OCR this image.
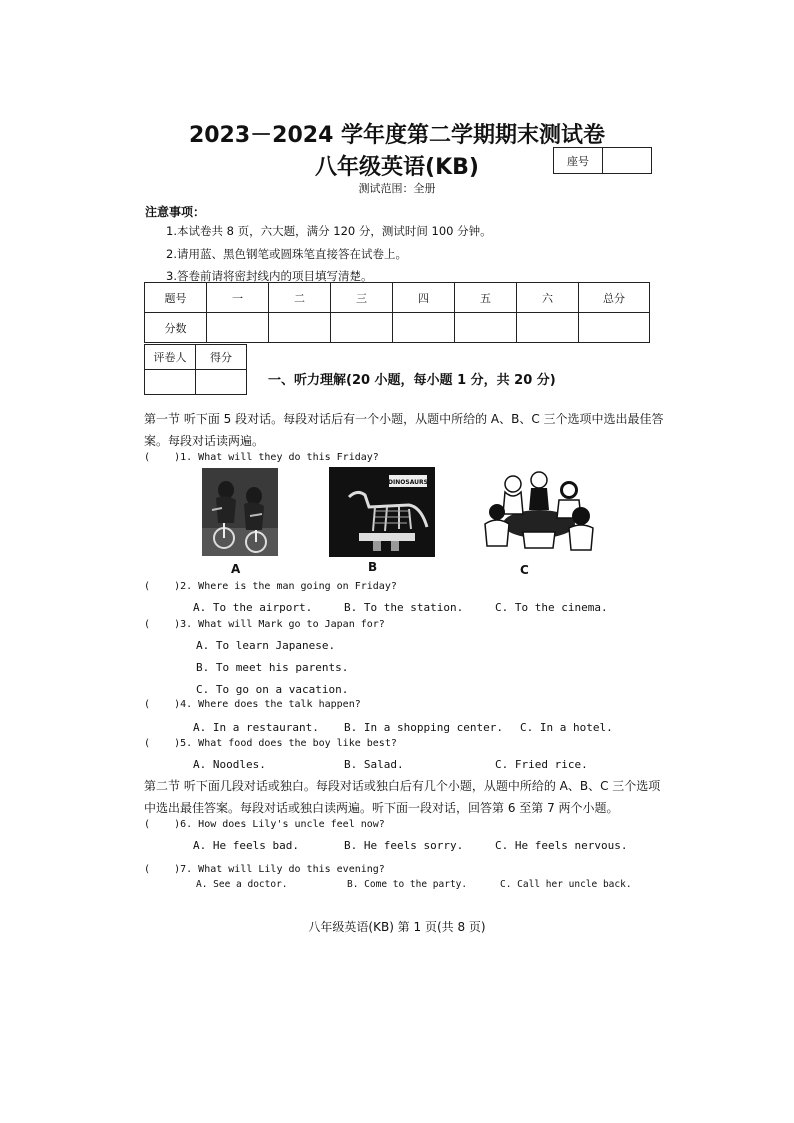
2023－2024 学年度第二学期期末测试卷
八年级英语(KB)
测试范围：全册
座号
注意事项：
1.本试卷共 8 页，六大题，满分 120 分，测试时间 100 分钟。
2.请用蓝、黑色钢笔或圆珠笔直接答在试卷上。
3.答卷前请将密封线内的项目填写清楚。
题号	一	二	三	四	五	六	总分
分数							
评卷人	得分

一、听力理解(20 小题，每小题 1 分，共 20 分)
第一节 听下面 5 段对话。每段对话后有一个小题，从题中所给的 A、B、C 三个选项中选出最佳答案。每段对话读两遍。
(    )1. What will they do this Friday?
DINOSAURS
A	B	C
(    )2. Where is the man going on Friday?
A. To the airport.	B. To the station.	C. To the cinema.
(    )3. What will Mark go to Japan for?
A. To learn Japanese.
B. To meet his parents.
C. To go on a vacation.
(    )4. Where does the talk happen?
A. In a restaurant. B. In a shopping center. C. In a hotel.
(    )5. What food does the boy like best?
A. Noodles.	B. Salad.	C. Fried rice.
第二节 听下面几段对话或独白。每段对话或独白后有几个小题，从题中所给的 A、B、C 三个选项中选出最佳答案。每段对话或独白读两遍。听下面一段对话，回答第 6 至第 7 两个小题。
(    )6. How does Lily's uncle feel now?
A. He feels bad.	B. He feels sorry.	C. He feels nervous.
(    )7. What will Lily do this evening?
A. See a doctor.	B. Come to the party.	C. Call her uncle back.
八年级英语(KB) 第 1 页(共 8 页)
